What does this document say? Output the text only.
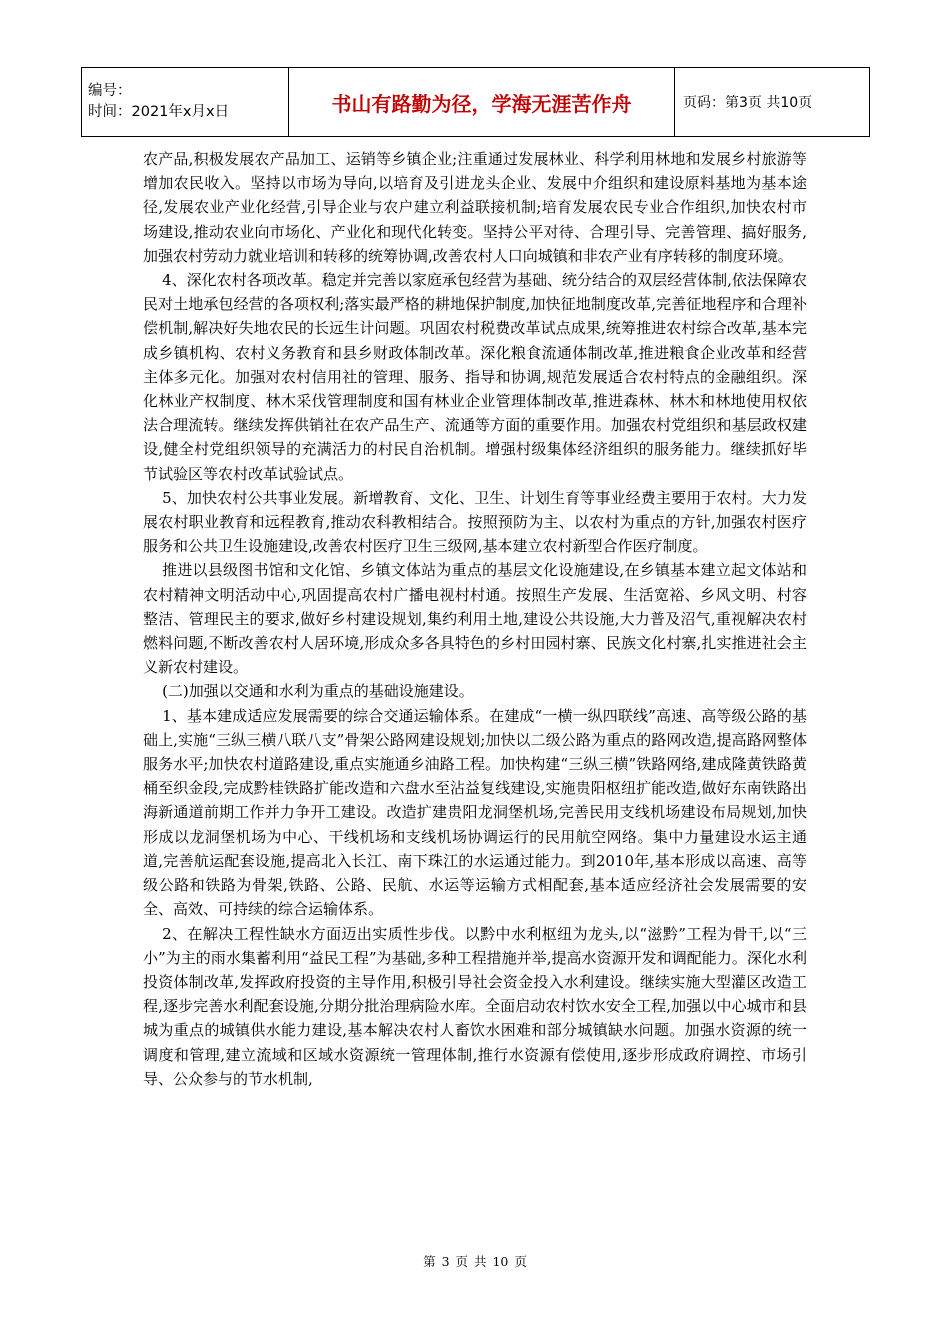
编号：
时间：2021年x月x日	书山有路勤为径，学海无涯苦作舟	页码：第3页 共10页

农产品,积极发展农产品加工、运销等乡镇企业;注重通过发展林业、科学利用林地和发展乡村旅游等增加农民收入。坚持以市场为导向,以培育及引进龙头企业、发展中介组织和建设原料基地为基本途径,发展农业产业化经营,引导企业与农户建立利益联接机制;培育发展农民专业合作组织,加快农村市场建设,推动农业向市场化、产业化和现代化转变。坚持公平对待、合理引导、完善管理、搞好服务,加强农村劳动力就业培训和转移的统筹协调,改善农村人口向城镇和非农产业有序转移的制度环境。

4、深化农村各项改革。稳定并完善以家庭承包经营为基础、统分结合的双层经营体制,依法保障农民对土地承包经营的各项权利;落实最严格的耕地保护制度,加快征地制度改革,完善征地程序和合理补偿机制,解决好失地农民的长远生计问题。巩固农村税费改革试点成果,统筹推进农村综合改革,基本完成乡镇机构、农村义务教育和县乡财政体制改革。深化粮食流通体制改革,推进粮食企业改革和经营主体多元化。加强对农村信用社的管理、服务、指导和协调,规范发展适合农村特点的金融组织。深化林业产权制度、林木采伐管理制度和国有林业企业管理体制改革,推进森林、林木和林地使用权依法合理流转。继续发挥供销社在农产品生产、流通等方面的重要作用。加强农村党组织和基层政权建设,健全村党组织领导的充满活力的村民自治机制。增强村级集体经济组织的服务能力。继续抓好毕节试验区等农村改革试验试点。

5、加快农村公共事业发展。新增教育、文化、卫生、计划生育等事业经费主要用于农村。大力发展农村职业教育和远程教育,推动农科教相结合。按照预防为主、以农村为重点的方针,加强农村医疗服务和公共卫生设施建设,改善农村医疗卫生三级网,基本建立农村新型合作医疗制度。

推进以县级图书馆和文化馆、乡镇文体站为重点的基层文化设施建设,在乡镇基本建立起文体站和农村精神文明活动中心,巩固提高农村广播电视村村通。按照生产发展、生活宽裕、乡风文明、村容整洁、管理民主的要求,做好乡村建设规划,集约利用土地,建设公共设施,大力普及沼气,重视解决农村燃料问题,不断改善农村人居环境,形成众多各具特色的乡村田园村寨、民族文化村寨,扎实推进社会主义新农村建设。

(二)加强以交通和水利为重点的基础设施建设。

1、基本建成适应发展需要的综合交通运输体系。在建成“一横一纵四联线”高速、高等级公路的基础上,实施“三纵三横八联八支”骨架公路网建设规划;加快以二级公路为重点的路网改造,提高路网整体服务水平;加快农村道路建设,重点实施通乡油路工程。加快构建“三纵三横”铁路网络,建成隆黄铁路黄桶至织金段,完成黔桂铁路扩能改造和六盘水至沾益复线建设,实施贵阳枢纽扩能改造,做好东南铁路出海新通道前期工作并力争开工建设。改造扩建贵阳龙洞堡机场,完善民用支线机场建设布局规划,加快形成以龙洞堡机场为中心、干线机场和支线机场协调运行的民用航空网络。集中力量建设水运主通道,完善航运配套设施,提高北入长江、南下珠江的水运通过能力。到2010年,基本形成以高速、高等级公路和铁路为骨架,铁路、公路、民航、水运等运输方式相配套,基本适应经济社会发展需要的安全、高效、可持续的综合运输体系。

2、在解决工程性缺水方面迈出实质性步伐。以黔中水利枢纽为龙头,以“滋黔”工程为骨干,以“三小”为主的雨水集蓄利用“益民工程”为基础,多种工程措施并举,提高水资源开发和调配能力。深化水利投资体制改革,发挥政府投资的主导作用,积极引导社会资金投入水利建设。继续实施大型灌区改造工程,逐步完善水利配套设施,分期分批治理病险水库。全面启动农村饮水安全工程,加强以中心城市和县城为重点的城镇供水能力建设,基本解决农村人畜饮水困难和部分城镇缺水问题。加强水资源的统一调度和管理,建立流域和区域水资源统一管理体制,推行水资源有偿使用,逐步形成政府调控、市场引导、公众参与的节水机制,

第 3 页 共 10 页
